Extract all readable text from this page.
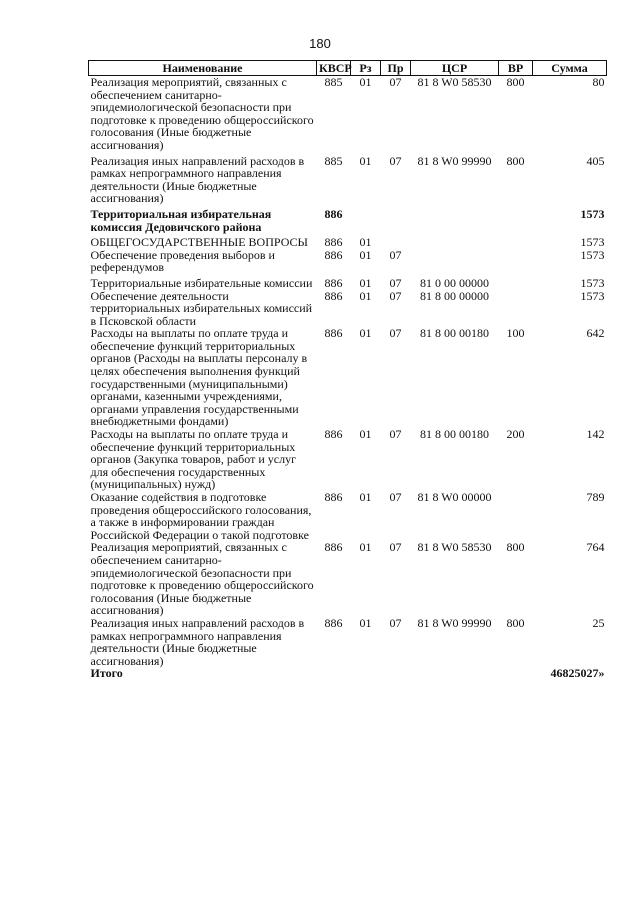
180
Наименование	КВСР	Рз	Пр	ЦСР	ВР	Сумма
Реализация мероприятий, связанных с обеспечением санитарно-эпидемиологической безопасности при подготовке к проведению общероссийского голосования (Иные бюджетные ассигнования)	885	01	07	81 8 W0 58530	800	80
Реализация иных направлений расходов в рамках непрограммного направления деятельности (Иные бюджетные ассигнования)	885	01	07	81 8 W0 99990	800	405
Территориальная избирательная комиссия Дедовичского района	886					1573
ОБЩЕГОСУДАРСТВЕННЫЕ ВОПРОСЫ	886	01				1573
Обеспечение проведения выборов и референдумов	886	01	07			1573
Территориальные избирательные комиссии	886	01	07	81 0 00 00000		1573
Обеспечение деятельности территориальных избирательных комиссий в Псковской области	886	01	07	81 8 00 00000		1573
Расходы на выплаты по оплате труда и обеспечение функций территориальных органов (Расходы на выплаты персоналу в целях обеспечения выполнения функций государственными (муниципальными) органами, казенными учреждениями, органами управления государственными внебюджетными фондами)	886	01	07	81 8 00 00180	100	642
Расходы на выплаты по оплате труда и обеспечение функций территориальных органов (Закупка товаров, работ и услуг для обеспечения государственных (муниципальных) нужд)	886	01	07	81 8 00 00180	200	142
Оказание содействия в подготовке проведения общероссийского голосования, а также в информировании граждан Российской Федерации о такой подготовке	886	01	07	81 8 W0 00000		789
Реализация мероприятий, связанных с обеспечением санитарно-эпидемиологической безопасности при подготовке к проведению общероссийского голосования (Иные бюджетные ассигнования)	886	01	07	81 8 W0 58530	800	764
Реализация иных направлений расходов в рамках непрограммного направления деятельности (Иные бюджетные ассигнования)	886	01	07	81 8 W0 99990	800	25
Итого						46825027»
